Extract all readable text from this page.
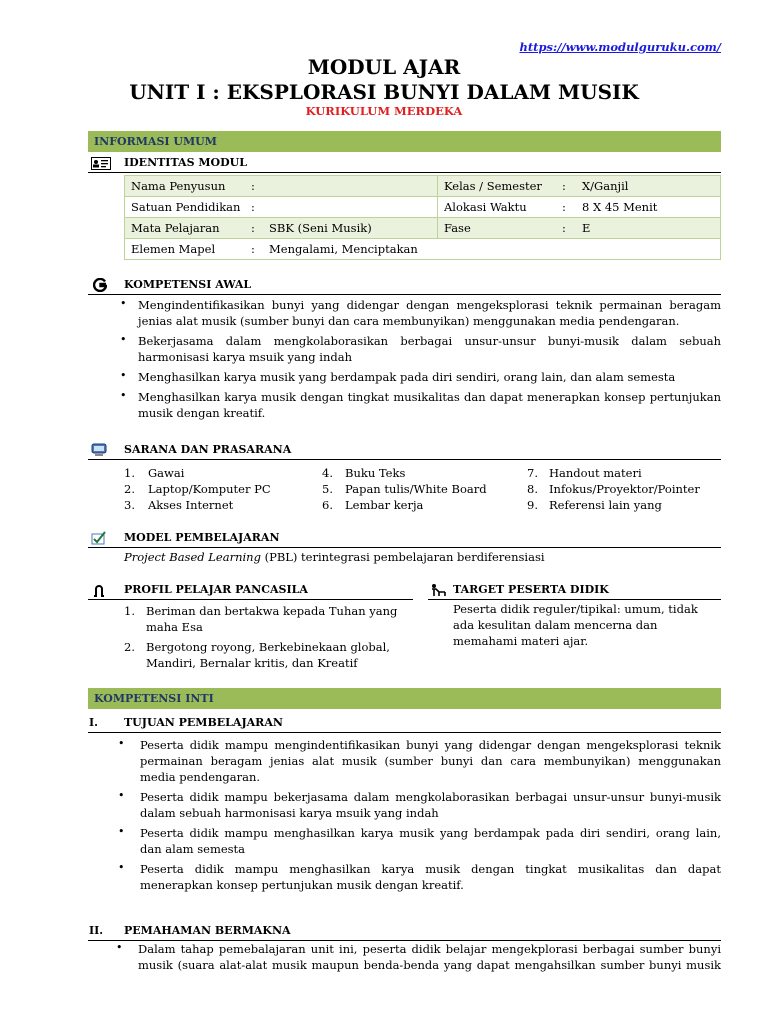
https://www.modulguruku.com/
MODUL AJAR
UNIT I : EKSPLORASI BUNYI DALAM MUSIK
KURIKULUM MERDEKA
INFORMASI UMUM
IDENTITAS MODUL
Nama Penyusun	:		Kelas / Semester	:	X/Ganjil
Satuan Pendidikan	:		Alokasi Waktu	:	8 X 45 Menit
Mata Pelajaran	:	SBK (Seni Musik)	Fase	:	E
Elemen Mapel	:	Mengalami, Menciptakan			
KOMPETENSI AWAL
• Mengindentifikasikan bunyi yang didengar dengan mengeksplorasi teknik permainan beragam
jenias alat musik (sumber bunyi dan cara membunyikan) menggunakan media pendengaran.
• Bekerjasama dalam mengkolaborasikan berbagai unsur-unsur bunyi-musik dalam sebuah
harmonisasi karya msuik yang indah
• Menghasilkan karya musik yang berdampak pada diri sendiri, orang lain, dan alam semesta
• Menghasilkan karya musik dengan tingkat musikalitas dan dapat menerapkan konsep pertunjukan
musik dengan kreatif.
SARANA DAN PRASARANA
1.	Gawai
2.	Laptop/Komputer PC
3.	Akses Internet
4.	Buku Teks
5.	Papan tulis/White Board
6.	Lembar kerja
7. Handout materi
8. Infokus/Proyektor/Pointer
9. Referensi lain yang
MODEL PEMBELAJARAN
Project Based Learning (PBL) terintegrasi pembelajaran berdiferensiasi
PROFIL PELAJAR PANCASILA
1. Beriman dan bertakwa kepada Tuhan yang
maha Esa
2. Bergotong royong, Berkebinekaan global,
Mandiri, Bernalar kritis, dan Kreatif
TARGET PESERTA DIDIK
Peserta didik reguler/tipikal: umum, tidak
ada kesulitan dalam mencerna dan
memahami materi ajar.
KOMPETENSI INTI
I. TUJUAN PEMBELAJARAN
• Peserta didik mampu mengindentifikasikan bunyi yang didengar dengan mengeksplorasi teknik
permainan beragam jenias alat musik (sumber bunyi dan cara membunyikan) menggunakan
media pendengaran.
• Peserta didik mampu bekerjasama dalam mengkolaborasikan berbagai unsur-unsur bunyi-musik
dalam sebuah harmonisasi karya msuik yang indah
• Peserta didik mampu menghasilkan karya musik yang berdampak pada diri sendiri, orang lain,
dan alam semesta
• Peserta didik mampu menghasilkan karya musik dengan tingkat musikalitas dan dapat
menerapkan konsep pertunjukan musik dengan kreatif.
II. PEMAHAMAN BERMAKNA
• Dalam tahap pemebalajaran unit ini, peserta didik belajar mengekplorasi berbagai sumber bunyi
musik (suara alat-alat musik maupun benda-benda yang dapat mengahsilkan sumber bunyi musik
